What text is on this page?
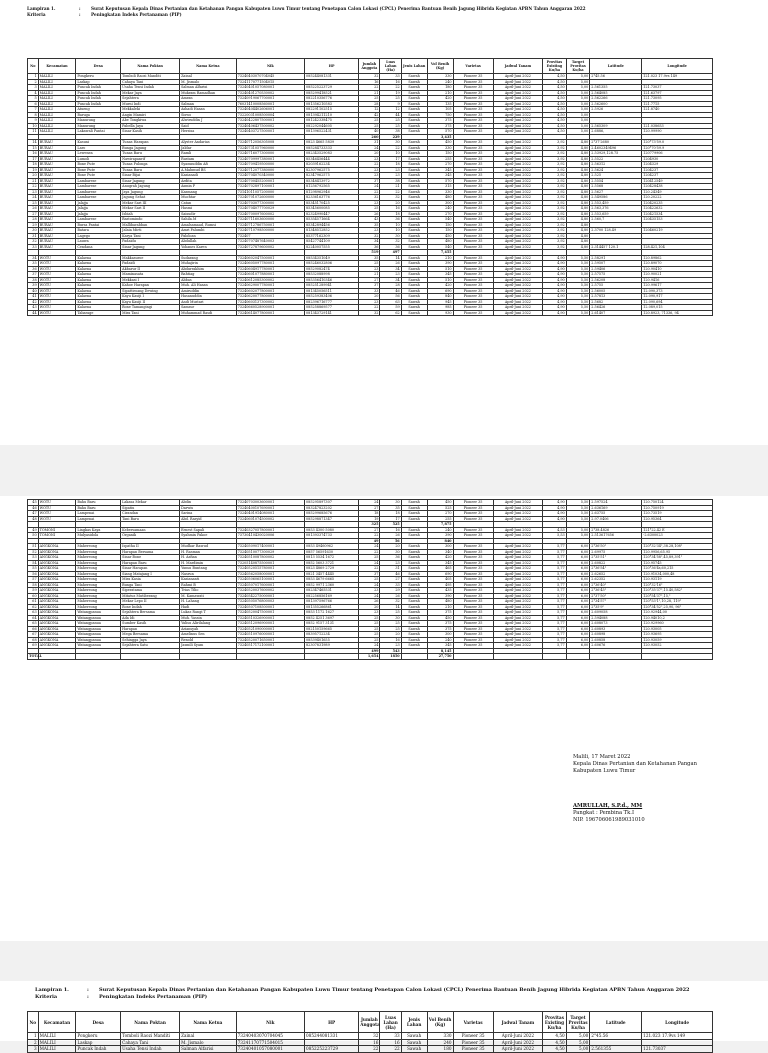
Lampiran 1.	: Surat Keputusan Kepala Dinas Pertanian dan Ketahanan Pangan Kabupaten Luwu Timur tentang Penetapan Calon Lokasi (CPCL) Penerima Bantuan Benih Jagung Hibrida Kegiatan APBN Tahun Anggaran 2022
Kriteria	: Peningkatan Indeks Pertanaman (PIP)
No	Kecamatan	Desa	Nama Poktan	Nama Ketua	Nik	HP	Jumlah Anggota	Luas Lahan (Ha)	Jenis Lahan	Vol Benih (Kg)	Varietas	Jadwal Tanam	Provitas Existing Ku/ha	Target Provitas Ku/ha	Latitude	Longitude
1	MALILI	Pongkeru	Tomboli Raozi Manditi	Zainal	73240403070704045	085244081331	32	33	Sawah	330	Pioneer 35	April-Juni 2022	4,50	5,00	2°45.56	121.023 17.9vs 149
2	MALILI	Laskap	Cahaya Tani	M. Jismalo	73241170771504015		16	16	Sawah	240	Pioneer 35	April-Juni 2022	4,50	5,00		
3	MALILI	Puncak Indah	Usaha Tensi Indah	Salman Alfarisi	73240401057080001	085225223729	22	22	Sawah	180	Pioneer 35	April-Juni 2022	4,50	5,00	2.561355	121.73037
4	MALILI	Puncak Indah	Mekar Jaya	Mukram Ramadhan	73240401270530002	085299418521	21	19	Sawah	210	Pioneer 35	April-Juni 2022	4,50	5,00	2.564085	121.63797
5	MALILI	Puncak Indah	Sejahtera	Amran	73240919067700001	082210356776	25	25	Sawah	420	Pioneer 35	April-Juni 2022	4,50	5,00	2.562266	121.73095
6	MALILI	Puncak Indah	Murni Indi	Salman	76031410008560001	081356210583	28	9	Sawah	135	Pioneer 35	April-Juni 2022	4,50	5,00	2.562600	121.7715
7	MALILI	Atueng	Mekkaleki	Ashadi Hasan	73240404402606001	082291102515	12	12	Sawah	105	Pioneer 35	April-Juni 2022	4,50	5,00	2.5926	121.8740
8	MALILI	Baruga	Angin Mamiri	Siswo	73220031008500004	081394211210	42	44	Sawah	750	Pioneer 35	April-Juni 2022	4,50	5,00		
9	MALILI	Manurung	Abe Tongkiwa	Alwiruddin J	73240422807500001	081242338475	25	25	Sawah	375	Pioneer 35	April-Juni 2022	4,50	5,00		
10	MALILI	Manurung	Pabella Jaya	Said	73240406437500002	082292044605	25	25	Sawah	375	Pioneer 35	April-Juni 2022	4,50	5,00	2.565309	121.038653
11	MALILI	Lakawali Pantai	Sinar Kasih	Hersisa	73240403727500001	081396522431	40	38	Sawah	570	Pioneer 35	April-Juni 2022	4,50	5,00	2.6886,	120.99990
							260	229		3,435						
14	BURAU	Kasuni	Tunas Harapan	Alyster Andarias	73240712056305008	0823 4665 5839	31	30	Sawah	450	Pioneer 35	April-Juni 2022	3,92	4,80	2°37'2680	120°73'59.0
15	BURAU	Laro	Bunga Jagung	Jaldar	73240731057960000	085284733333	24	22	Sawah	330	Pioneer 35	April-Juni 2022	3,92	4,80	2.4602349496	120°70'59.9
16	BURAU	Lewenea	Tunas Baru	Ramli	73240716077300000	082343529083	20	10	Sawah	150	Pioneer 35	April-Juni 2022	3,92	4,80	2.53929,128.75	120779906
17	BURAU	Lumoli	Nawirapanrif	Rustam	73240709997380001	85346456444	23	17	Sawah	255	Pioneer 35	April-Juni 2022	3,92	4,80	2.5522	1204930
18	BURAU	Bone Pute	Tunas Pulonga	Syamsuddin Afi	73240709419500000	82039162234	22	18	Sawah	270	Pioneer 35	April-Juni 2022	3,92	4,80	2.56312	1204329
19	BURAU	Bone Pute	Tunas Baru	A.Mahmud BS	73240712077380000	82307962575	23	23	Sawah	345	Pioneer 35	April-Juni 2022	3,92	4,80	2.5624	1204237
20	BURAU	Bone Pute	Sinar Bijai	Kasianadi	73240704070340000	82347962575	23	23	Sawah	345	Pioneer 35	April-Juni 2022	3,92	4,80	2.525	1204237
21	BURAU	Lambarese	Sinar Jagung	Ardita	73240700455200001	85348413972	37	38	Sawah	570	Pioneer 35	April-Juni 2022	3,92	4,80	2.5554	120412549
22	BURAU	Lambarese	Anugrah Jagung	Asmin P	73240702897100001	81256792565	24	21	Sawah	315	Pioneer 35	April-Juni 2022	3,92	4,80	2.5568	120428438
23	BURAU	Lambarese	Jaya Jagung	Kasmang	73141011057200000	81298962946	22	22	Sawah	330	Pioneer 35	April-Juni 2022	3,92	4,80	2.5627	120.24349
24	BURAU	Lambarese	Jagung Sehat	Muchtar	73240701072600000	82336163776	32	32	Sawah	480	Pioneer 35	April-Juni 2022	3,92	4,80	2.549586	120.20222
25	BURAU	Jalajja	Mekar Sari III	Catan	73240703077300000	85345170425	23	20	Sawah	300	Pioneer 35	April-Juni 2022	3,92	4,80	2.553,459	120420235
26	BURAU	Jalajja	Mekar Sari II	Hasmi	73240704077700029	85345600085	25	16	Sawah	240	Pioneer 35	April-Juni 2022	3,92	4,80	2.563,376	120422632
27	BURAU	Jalajja	Isbiah	Saisudir	73240700097600002	82324990447	26	18	Sawah	270	Pioneer 35	April-Juni 2022	3,92	4,80	2.553,659	120421534
28	BURAU	Lambarese	Bastomindo	Sahila.M	73240711603600000	85354571664	43	36	Sawah	540	Pioneer 35	April-Juni 2022	3,92	4,80	2.560,7	120435153
29	BURAU	Bursa Pantai	Mallibarabban	Amalsamaad, Rumsi	73240712786750001	85342894456	35	10	Sawah	150	Pioneer 35	April-Juni 2022	3,92	4,80		
30	BURAU	Batara	Jalaia Mirti	Amri Palumbi	73240710798500000	81348512852	23	10	Sawah	150	Pioneer 35	April-Juni 2022	3,92	4,80	2.3700 128.49	120460219
31	BURAU	Lagego	Karya Tani	Paloloan	732407	85377162309	32	30	Sawah	450	Pioneer 35	April-Juni 2022	3,92	4,80		
32	BURAU	Lauwa	Padaidu	Abdullah	73240707487640003	85427744109	34	32	Sawah	480	Pioneer 35	April-Juni 2022	3,92	4,80		
33	BURAU	Cendana	Sinar Jagung	Yohanes Karen	73240727879600002	82240057555	36	36	Sawah	540	Pioneer 35	April-Juni 2022	3,92	4,80	2.314457 120.1	128.421,104
							519	497		7,455						
34	WOTU	Kalaena	Makkasuroe	Sudarang	73240602047500001	08534351049	35	14	Sawah	210	Pioneer 35	April-Juni 2022	4,90	5,50	2.58291	120.89862
35	WOTU	Kalaena	Padaidi	Muhajirin	73240605097780001	085246032806	25	26	Sawah	390	Pioneer 35	April-Juni 2022	4,90	5,50	2.59507	120.89070
36	WOTU	Kalaena	Akbarur II	Abdurrakhim	73240604917780001	08529082474	23	34	Sawah	510	Pioneer 35	April-Juni 2022	4,90	5,50	2.59406	120.90410
37	WOTU	Kalaena	Maminasata	Bahtiag	73240601077880001	08532088998	21	23	Sawah	345	Pioneer 35	April-Juni 2022	4,90	5,50	2.57575	120.90021
38	WOTU	Kalaena	Mekkasi I	Abbas	73240612085300002	085356410346	27	34	Sawah	510	Pioneer 35	April-Juni 2022	4,90	5,50	2.56208	120.9416
39	WOTU	Kalaena	Kahoe Harapan	Muh. Ali Hasan	73240629007780001	085251289941	37	28	Sawah	420	Pioneer 35	April-Juni 2022	4,90	5,50	2.5755	120.99617
40	WOTU	Kalaena	Sipattiroang Dewing	Amiruddin	73240602077800001	081345056511	33	46	Sawah	690	Pioneer 35	April-Juni 2022	4,90	5,50	2.56005	12.090,373
41	WOTU	Kalaena	Kayu Kasiji I	Hasanuddin	73240620077800001	085259383406	20	56	Sawah	840	Pioneer 35	April-Juni 2022	4,90	5,50	2.57813	12.090,917
42	WOTU	Kalaena	Kayu Kasiji II	Andi Mustari	73240603137300002	082396716777	23	63	Sawah	945	Pioneer 35	April-Juni 2022	4,90	5,50	2.5682	12.090,694
43	WOTU	Kalaena	Bone Tamangingi	Samsur	73240660528900001	085258869577	22	59	Sawah	985	Pioneer 35	April-Juni 2022	4,90	5,50	2.56426	12.089,015
44	WOTU	Tabarage	Mira Tani	Muhammad Rasdi	73240614077800001	081343729141	32	62	Sawah	930	Pioneer 35	April-Juni 2022	4,90	5,50	2.61407	120.8923, 71336, 94
45	WOTU	Bahu Baru	Lakasa Mekar	Abdin	73240703003600001	085295897307	24	30	Sawah	450	Pioneer 35	April-Juni 2022	4,90	5,50	2.597524	120.750124
46	WOTU	Bahu Baru	Sipatiu	Darwis	73240400107690001	083247823202	27	35	Sawah	525	Pioneer 35	April-Juni 2022	4,90	5,50	2.636169	120.750919
47	WOTU	Lampenai	Cirandan	Sarina	73240401914080001	085299685676	18	18	Sawah	270	Pioneer 35	April-Juni 2022	4,90	5,50	2.63755	120.73519
48	WOTU	Lampenai	Tani Baru	Abd. Rasyid	73240601074500002	085298871347	19	17	Sawah	255	Pioneer 35	April-Juni 2022	4,90	5,50	2.97.0406	120.95364
							325	525		7,875						
49	TOMONI	Lingkas Kaya	Kebersamaan	Ernest Sapali	73240327057800001	0853 4300 5080	27	16	Sawah	240	Pioneer 35	April-Juni 2022	4,53	5,00	2°38.4826	121°22.42 E
50	TOMONI	Mulyasidola	Organik	Syahmin Pakoe	73730410430020006	081393374733	22	26	Sawah	390	Pioneer 35	April-Juni 2022	5,53	5,00	2.513617656	-2.6300023
							49	56		840						
51	ANGKONA	Mahereong	Ispatha II	Mudhar Rasrud	73240509017400001	0853 49460962	24	20	Sawah	300	Pioneer 35	April-Juni 2022	5,77	6,00	2°36'50"	120°32'34",38.28,108"
52	ANGKONA	Mahereong	Harapan Bersama	H. Rasman	73240510077300029	0857 56591630	22	30	Sawah	340	Pioneer 35	April-Juni 2022	5,77	6,00	2.69975	120.9956,65.95
53	ANGKONA	Mahereong	Sinar Bone	H. Asfian	73240510087800002	0813 5534 1672	25	36	Sawah	420	Pioneer 35	April-Juni 2022	5,77	6,00	2°35'51"	120°34'58",45,89,391"
54	ANGKONA	Mahereong	Harapan Baru	H. Mardimin	73205140875500001	0852 5603 3721	24	23	Sawah	345	Pioneer 35	April-Juni 2022	5,77	6,00	2.60822	120.95745
55	ANGKONA	Mahereong	Sinar Harapan	Yunus Buntang	73240520515780001	0823 4869 2729	22	31	Sawah	465	Pioneer 35	April-Juni 2022	5,77	6,00	2°36'54"	120°36'4s,60,215
56	ANGKONA	Mahereong	Siang Matajang I	Nasrun	73240562058000001	0821 3457 4445	37	46	Sawah	690	Pioneer 35	April-Juni 2022	5,77	6,00	2.62652	120.91034,000,48
57	ANGKONA	Mahereong	Mira Kasia	Kasiananti	73240506065100001	0853 4679 6665	25	27	Sawah	405	Pioneer 35	April-Juni 2022	5,77	6,00	2.62352	120.93119
58	ANGKONA	Mahereong	Bunga Tani	Rahmi B	73240507017600001	0852 9971 2360	24	33	Sawah	495	Pioneer 35	April-Juni 2022	5,77	6,00	2°36'40"	120°32'16"
59	ANGKONA	Mahereong	Siperatama	Trias Tilio	73240520037600002	082347465531	23	29	Sawah	435	Pioneer 35	April-Juni 2022	5,77	6,00	2°36'45"	120°35'37",15.40,582"
60	ANGKONA	Mahereong	Mitatus Mutiberang	M. Kamawati	73240542275000001	082256856169	24	26	Sawah	390	Pioneer 35	April-Juni 2022	5,77	6,00	2°37'50"	120°54'37",15,"
61	ANGKONA	Mahereong	Mekar Lepo II	H. Lahang	73240505076800003	081397596766	26	32	Sawah	480	Pioneer 35	April-Juni 2022	5,77	6,00	2°34'57"	120°53'1",10,28, 119"
62	ANGKONA	Mahereong	Bone Indah	Hadi	73240507108500001	081355266861	20	14	Sawah	210	Pioneer 35	April-Juni 2022	5,77	6,00	2°35'9"	120°34'52",25,90, 96"
63	ANGKONA	Watangpanua	Sejahtera Bersama	Lukas Rangi T	73240520047500001	0853 1172 1627	23	25	Sawah	375	Pioneer 35	April-Juni 2022	5,77	6,00	2.609058	120.92944,00
64	ANGKONA	Watangpanua	Ada Idi	Muh. Yassin	73240510326900001	0852 4251 3697	25	30	Sawah	450	Pioneer 35	April-Juni 2022	5,77	6,00	2.594088	120.94010,2
65	ANGKONA	Watangpanua	Sumber Kasih	Yulius Alirilalang	73240512096900001	0852 9157 3131	25	25	Sawah	375	Pioneer 35	April-Juni 2022	5,77	6,00	2.608073	120.929960
66	ANGKONA	Watangpanua	Harapan	Ariansyah	73240521090000001	082150159665	25	25	Sawah	375	Pioneer 35	April-Juni 2022	5,77	6,00	2.60893	120.93005
67	ANGKONA	Watangpanua	Mega Bersama	Amelinus Sen	73240510976000001	08395712234	25	20	Sawah	300	Pioneer 35	April-Juni 2022	5,77	6,00	2.60898	120.93695
68	ANGKONA	Watangpanua	Sehingga Jaya	Renold	73240520071650001	08539401655	25	16	Sawah	240	Pioneer 35	April-Juni 2022	5,77	6,00	2.60858	120.93059
69	ANGKONA	Watangpanua	Sejahtera Satu	Jasmili Syam	73240517172100001	82307831989	24	23	Sawah	345	Pioneer 35	April-Juni 2022	5,77	6,00	2.60676	120.93052
							499	543		8,145						
TOTAL							1,654	1850		27,750						
Malili, 17 Maret 2022
Kepala Dinas Pertanian dan Ketahanan Pangan
Kabupaten Luwu Timur
AMRULLAH, S.P.d., MM
Pangkat : Pembina Tk.I
NIP. 196706061989031010
Lampiran 1.	: Surat Keputusan Kepala Dinas Pertanian dan Ketahanan Pangan Kabupaten Luwu Timur tentang Penetapan Calon Lokasi (CPCL) Penerima Bantuan Benih Jagung Hibrida Kegiatan APBN Tahun Anggaran 2022
Kriteria	: Peningkatan Indeks Pertanaman (PIP)
No	Kecamatan	Desa	Nama Poktan	Nama Ketua	Nik	HP	Jumlah Anggota	Luas Lahan (Ha)	Jenis Lahan	Vol Benih (Kg)	Varietas	Jadwal Tanam	Provitas Existing Ku/ha	Target Provitas Ku/ha	Latitude	Longitude
1	MALILI	Pongkeru	Tomboli Raozi Manditi	Zainal	73240403070704045	085244081331	32	33	Sawah	330	Pioneer 35	April-Juni 2022	4,50	5,00	2°45.56	121.023 17.9vs 149
2	MALILI	Laskap	Cahaya Tani	M. Jismalo	73241170771504015		16	16	Sawah	240	Pioneer 35	April-Juni 2022	4,50	5,00		
3	MALILI	Puncak Indah	Usaha Tensi Indah	Salman Alfarisi	73240401057080001	085225223729	22	22	Sawah	180	Pioneer 35	April-Juni 2022	4,50	5,00	2.561355	121.73037
